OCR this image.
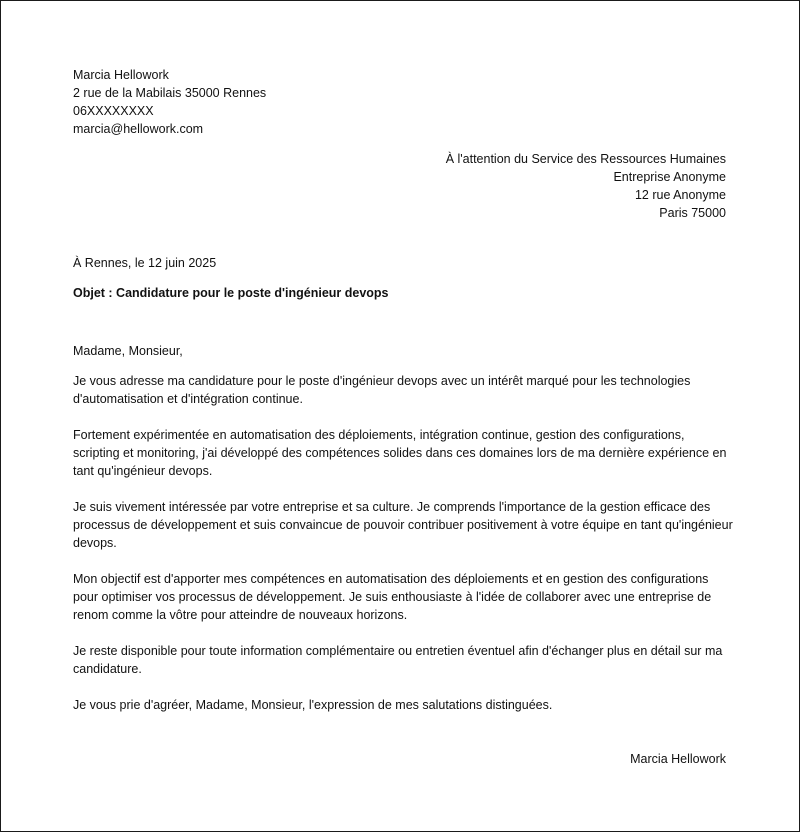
Marcia Hellowork
2 rue de la Mabilais 35000 Rennes
06XXXXXXXX
marcia@hellowork.com
À l'attention du Service des Ressources Humaines
Entreprise Anonyme
12 rue Anonyme
Paris 75000
À Rennes, le 12 juin 2025
Objet : Candidature pour le poste d'ingénieur devops
Madame, Monsieur,
Je vous adresse ma candidature pour le poste d'ingénieur devops avec un intérêt marqué pour les technologies d'automatisation et d'intégration continue.
Fortement expérimentée en automatisation des déploiements, intégration continue, gestion des configurations, scripting et monitoring, j'ai développé des compétences solides dans ces domaines lors de ma dernière expérience en tant qu'ingénieur devops.
Je suis vivement intéressée par votre entreprise et sa culture. Je comprends l'importance de la gestion efficace des processus de développement et suis convaincue de pouvoir contribuer positivement à votre équipe en tant qu'ingénieur devops.
Mon objectif est d'apporter mes compétences en automatisation des déploiements et en gestion des configurations pour optimiser vos processus de développement. Je suis enthousiaste à l'idée de collaborer avec une entreprise de renom comme la vôtre pour atteindre de nouveaux horizons.
Je reste disponible pour toute information complémentaire ou entretien éventuel afin d'échanger plus en détail sur ma candidature.
Je vous prie d'agréer, Madame, Monsieur, l'expression de mes salutations distinguées.
Marcia Hellowork
